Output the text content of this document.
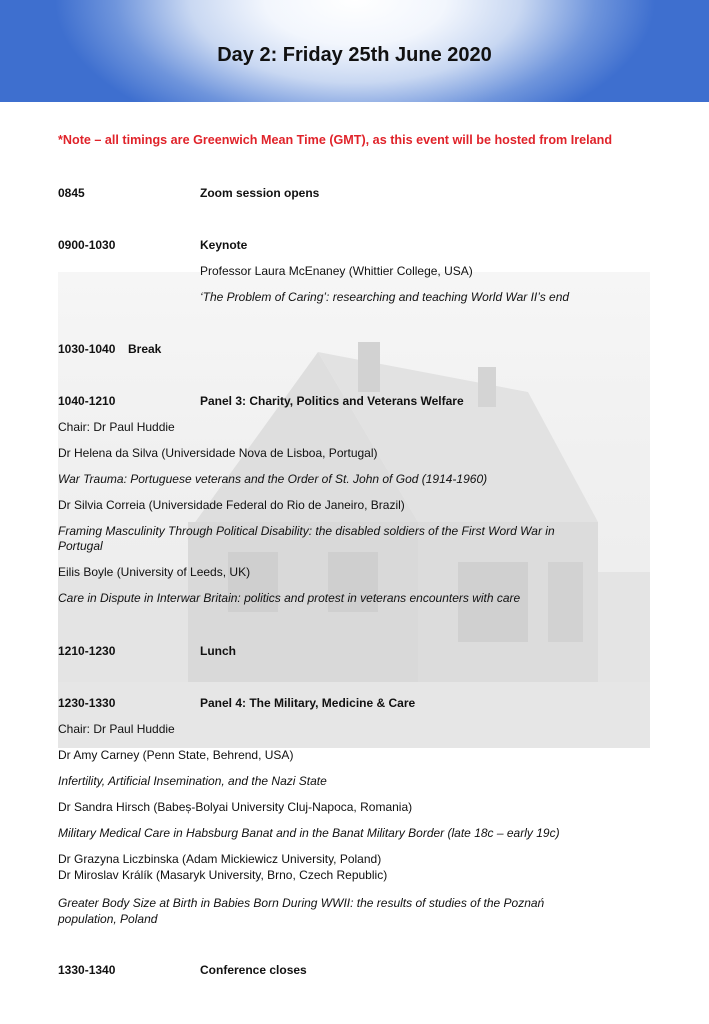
Day 2: Friday 25th June 2020
*Note – all timings are Greenwich Mean Time (GMT), as this event will be hosted from Ireland
0845	Zoom session opens
0900-1030	Keynote
Professor Laura McEnaney (Whittier College, USA)
‘The Problem of Caring’: researching and teaching World War II’s end
1030-1040 Break
1040-1210	Panel 3: Charity, Politics and Veterans Welfare
Chair: Dr Paul Huddie
Dr Helena da Silva (Universidade Nova de Lisboa, Portugal)
War Trauma: Portuguese veterans and the Order of St. John of God (1914-1960)
Dr Silvia Correia (Universidade Federal do Rio de Janeiro, Brazil)
Framing Masculinity Through Political Disability: the disabled soldiers of the First Word War in
Portugal
Eilis Boyle (University of Leeds, UK)
Care in Dispute in Interwar Britain: politics and protest in veterans encounters with care
1210-1230	Lunch
1230-1330	Panel 4: The Military, Medicine & Care
Chair: Dr Paul Huddie
Dr Amy Carney (Penn State, Behrend, USA)
Infertility, Artificial Insemination, and the Nazi State
Dr Sandra Hirsch (Babeș-Bolyai University Cluj-Napoca, Romania)
Military Medical Care in Habsburg Banat and in the Banat Military Border (late 18c – early 19c)
Dr Grazyna Liczbinska (Adam Mickiewicz University, Poland)
Dr Miroslav Králík (Masaryk University, Brno, Czech Republic)
Greater Body Size at Birth in Babies Born During WWII: the results of studies of the Poznań
population, Poland
1330-1340	Conference closes
